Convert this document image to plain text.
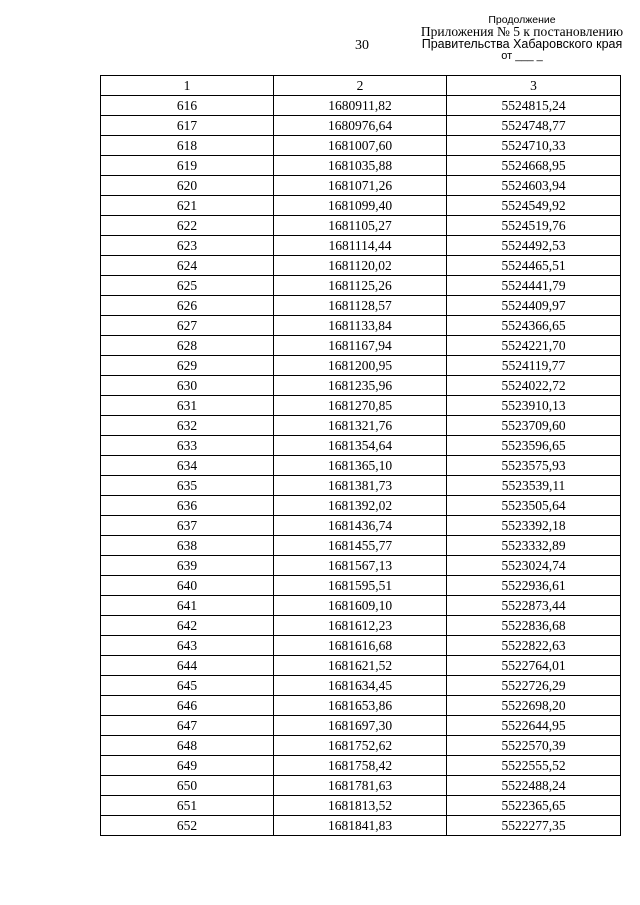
30
Продолжение
Приложения № 5 к постановлению
Правительства Хабаровского края
от ___ _
1	2	3
616	1680911,82	5524815,24
617	1680976,64	5524748,77
618	1681007,60	5524710,33
619	1681035,88	5524668,95
620	1681071,26	5524603,94
621	1681099,40	5524549,92
622	1681105,27	5524519,76
623	1681114,44	5524492,53
624	1681120,02	5524465,51
625	1681125,26	5524441,79
626	1681128,57	5524409,97
627	1681133,84	5524366,65
628	1681167,94	5524221,70
629	1681200,95	5524119,77
630	1681235,96	5524022,72
631	1681270,85	5523910,13
632	1681321,76	5523709,60
633	1681354,64	5523596,65
634	1681365,10	5523575,93
635	1681381,73	5523539,11
636	1681392,02	5523505,64
637	1681436,74	5523392,18
638	1681455,77	5523332,89
639	1681567,13	5523024,74
640	1681595,51	5522936,61
641	1681609,10	5522873,44
642	1681612,23	5522836,68
643	1681616,68	5522822,63
644	1681621,52	5522764,01
645	1681634,45	5522726,29
646	1681653,86	5522698,20
647	1681697,30	5522644,95
648	1681752,62	5522570,39
649	1681758,42	5522555,52
650	1681781,63	5522488,24
651	1681813,52	5522365,65
652	1681841,83	5522277,35
